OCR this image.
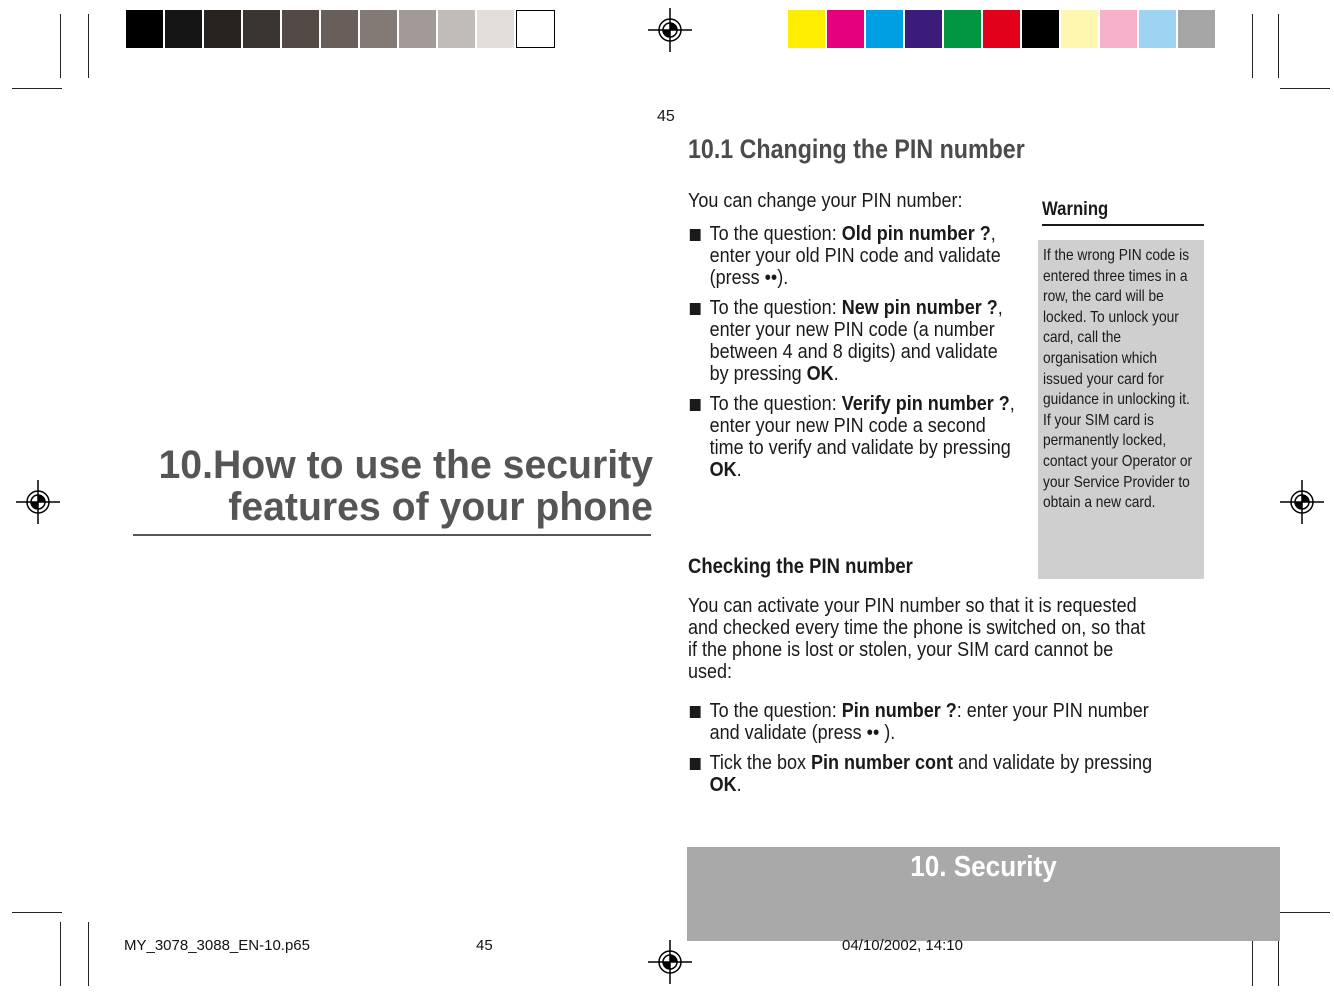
45
10.1 Changing the PIN number
You can change your PIN number:
To the question: Old pin number ?, enter your old PIN code and validate (press ••).
To the question: New pin number ?, enter your new PIN code (a number between 4 and 8 digits) and validate by pressing OK.
To the question: Verify pin number ?, enter your new PIN code a second time to verify and validate by pressing OK.
Checking the PIN number
You can activate your PIN number so that it is requested and checked every time the phone is switched on, so that if the phone is lost or stolen, your SIM card cannot be used:
To the question: Pin number ?: enter your PIN number and validate (press •• ).
Tick the box Pin number cont and validate by pressing OK.
Warning
If the wrong PIN code is entered three times in a row, the card will be locked. To unlock your card, call the organisation which issued your card for guidance in unlocking it. If your SIM card is permanently locked, contact your Operator or your Service Provider to obtain a new card.
10.How to use the security
features of your phone
10. Security
MY_3078_3088_EN-10.p65	45	04/10/2002, 14:10
